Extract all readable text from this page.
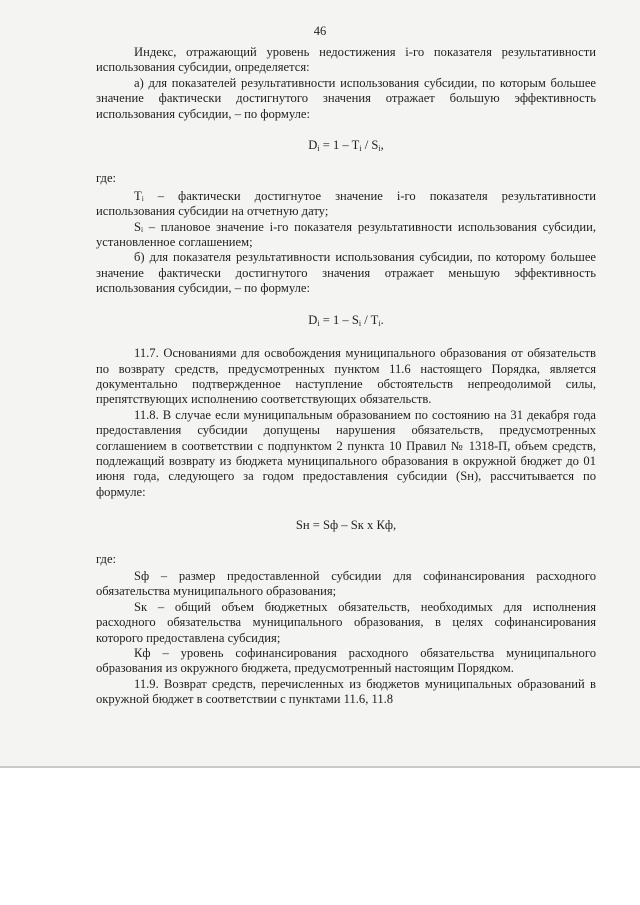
46

Индекс, отражающий уровень недостижения i-го показателя результативности использования субсидии, определяется:

а) для показателей результативности использования субсидии, по которым большее значение фактически достигнутого значения отражает большую эффективность использования субсидии, – по формуле:

$D_i = 1 - T_i / S_i$,

где:

Tᵢ – фактически достигнутое значение i-го показателя результативности использования субсидии на отчетную дату;

Sᵢ – плановое значение i-го показателя результативности использования субсидии, установленное соглашением;

б) для показателя результативности использования субсидии, по которому большее значение фактически достигнутого значения отражает меньшую эффективность использования субсидии, – по формуле:

$D_i = 1 - S_i / T_i$.

11.7. Основаниями для освобождения муниципального образования от обязательств по возврату средств, предусмотренных пунктом 11.6 настоящего Порядка, является документально подтвержденное наступление обстоятельств непреодолимой силы, препятствующих исполнению соответствующих обязательств.

11.8. В случае если муниципальным образованием по состоянию на 31 декабря года предоставления субсидии допущены нарушения обязательств, предусмотренных соглашением в соответствии с подпунктом 2 пункта 10 Правил № 1318-П, объем средств, подлежащий возврату из бюджета муниципального образования в окружной бюджет до 01 июня года, следующего за годом предоставления субсидии (Sн), рассчитывается по формуле:

Sн = Sф – Sк x Кф,

где:

Sф – размер предоставленной субсидии для софинансирования расходного обязательства муниципального образования;

Sк – общий объем бюджетных обязательств, необходимых для исполнения расходного обязательства муниципального образования, в целях софинансирования которого предоставлена субсидия;

Кф – уровень софинансирования расходного обязательства муниципального образования из окружного бюджета, предусмотренный настоящим Порядком.

11.9. Возврат средств, перечисленных из бюджетов муниципальных образований в окружной бюджет в соответствии с пунктами 11.6, 11.8
